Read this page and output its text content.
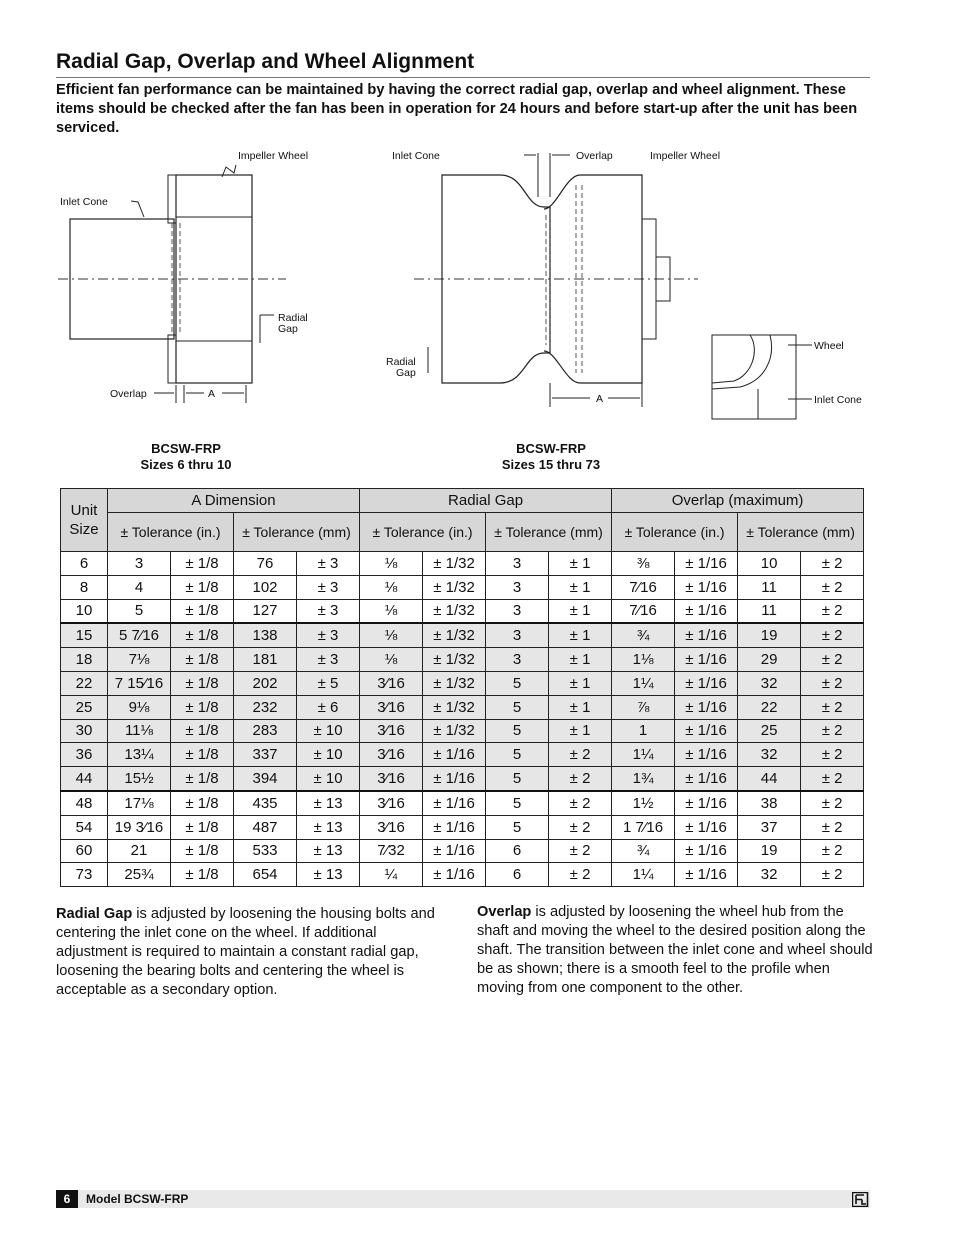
Radial Gap, Overlap and Wheel Alignment

Efficient fan performance can be maintained by having the correct radial gap, overlap and wheel alignment. These items should be checked after the fan has been in operation for 24 hours and before start-up after the unit has been serviced.

Impeller Wheel
Inlet Cone
Radial
Gap
Overlap	A
Inlet Cone	Overlap	Impeller Wheel
Radial
Gap
A
Wheel
Inlet Cone
BCSW-FRP
Sizes 6 thru 10
BCSW-FRP
Sizes 15 thru 73
Unit Size	A Dimension				Radial Gap				Overlap (maximum)			
	± Tolerance (in.)		± Tolerance (mm)		± Tolerance (in.)		± Tolerance (mm)		± Tolerance (in.)		± Tolerance (mm)	
6	3	± 1/8	76	± 3	⅛	± 1/32	3	± 1	⅜	± 1/16	10	± 2
8	4	± 1/8	102	± 3	⅛	± 1/32	3	± 1	7⁄16	± 1/16	11	± 2
10	5	± 1/8	127	± 3	⅛	± 1/32	3	± 1	7⁄16	± 1/16	11	± 2
15	5 7⁄16	± 1/8	138	± 3	⅛	± 1/32	3	± 1	¾	± 1/16	19	± 2
18	7⅛	± 1/8	181	± 3	⅛	± 1/32	3	± 1	1⅛	± 1/16	29	± 2
22	7 15⁄16	± 1/8	202	± 5	3⁄16	± 1/32	5	± 1	1¼	± 1/16	32	± 2
25	9⅛	± 1/8	232	± 6	3⁄16	± 1/32	5	± 1	⅞	± 1/16	22	± 2
30	11⅛	± 1/8	283	± 10	3⁄16	± 1/32	5	± 1	1	± 1/16	25	± 2
36	13¼	± 1/8	337	± 10	3⁄16	± 1/16	5	± 2	1¼	± 1/16	32	± 2
44	15½	± 1/8	394	± 10	3⁄16	± 1/16	5	± 2	1¾	± 1/16	44	± 2
48	17⅛	± 1/8	435	± 13	3⁄16	± 1/16	5	± 2	1½	± 1/16	38	± 2
54	19 3⁄16	± 1/8	487	± 13	3⁄16	± 1/16	5	± 2	1 7⁄16	± 1/16	37	± 2
60	21	± 1/8	533	± 13	7⁄32	± 1/16	6	± 2	¾	± 1/16	19	± 2
73	25¾	± 1/8	654	± 13	¼	± 1/16	6	± 2	1¼	± 1/16	32	± 2

Radial Gap is adjusted by loosening the housing bolts and centering the inlet cone on the wheel. If additional adjustment is required to maintain a constant radial gap, loosening the bearing bolts and centering the wheel is acceptable as a secondary option.

Overlap is adjusted by loosening the wheel hub from the shaft and moving the wheel to the desired position along the shaft. The transition between the inlet cone and wheel should be as shown; there is a smooth feel to the profile when moving from one component to the other.

6	Model BCSW-FRP
